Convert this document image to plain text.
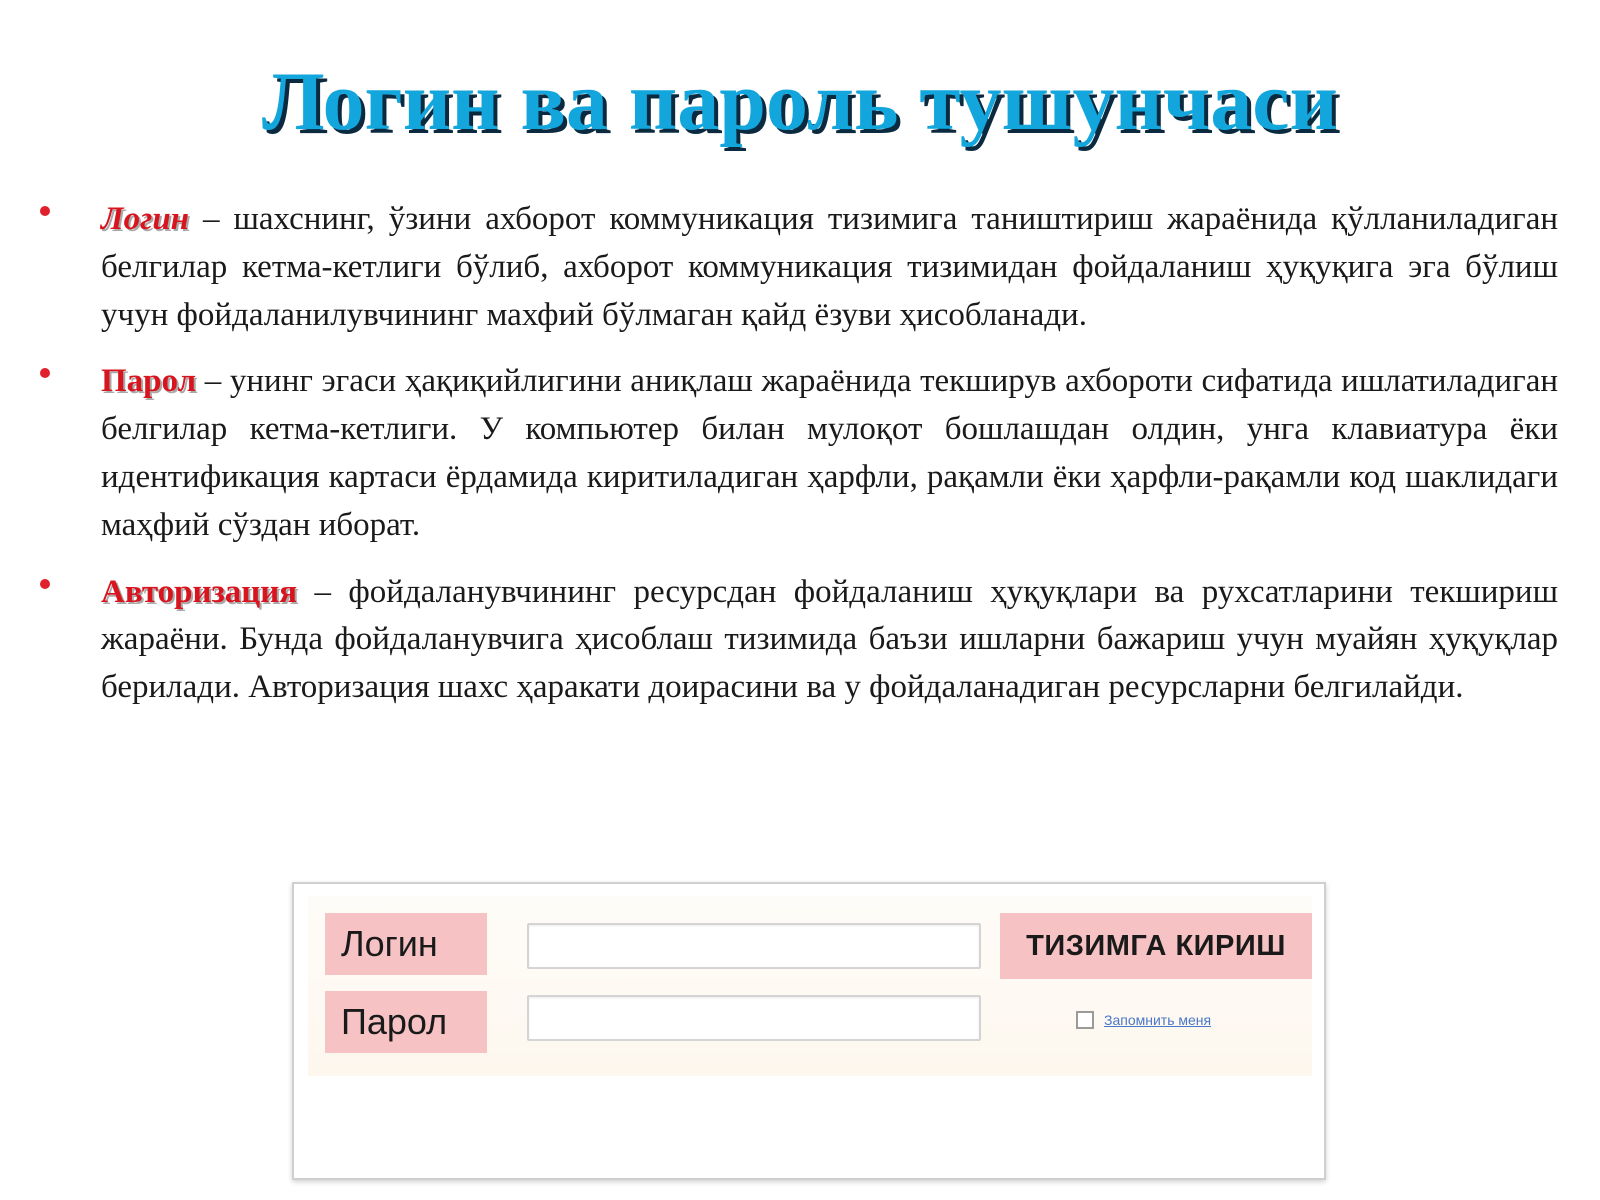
Логин ва пароль тушунчаси

Логин – шахснинг, ўзини ахборот коммуникация тизимига таништириш жараёнида қўлланиладиган белгилар кетма-кетлиги бўлиб, ахборот коммуникация тизимидан фойдаланиш ҳуқуқига эга бўлиш учун фойдаланилувчининг махфий бўлмаган қайд ёзуви ҳисобланади.

Парол – унинг эгаси ҳақиқийлигини аниқлаш жараёнида текширув ахбороти сифатида ишлатиладиган белгилар кетма-кетлиги. У компьютер билан мулоқот бошлашдан олдин, унга клавиатура ёки идентификация картаси ёрдамида киритиладиган ҳарфли, рақамли ёки ҳарфли-рақамли код шаклидаги маҳфий сўздан иборат.

Авторизация – фойдаланувчининг ресурсдан фойдаланиш ҳуқуқлари ва рухсатларини текшириш жараёни. Бунда фойдаланувчига ҳисоблаш тизимида баъзи ишларни бажариш учун муайян ҳуқуқлар берилади. Авторизация шахс ҳаракати доирасини ва у фойдаланадиган ресурсларни белгилайди.

Логин
Парол
ТИЗИМГА КИРИШ
Запомнить меня
